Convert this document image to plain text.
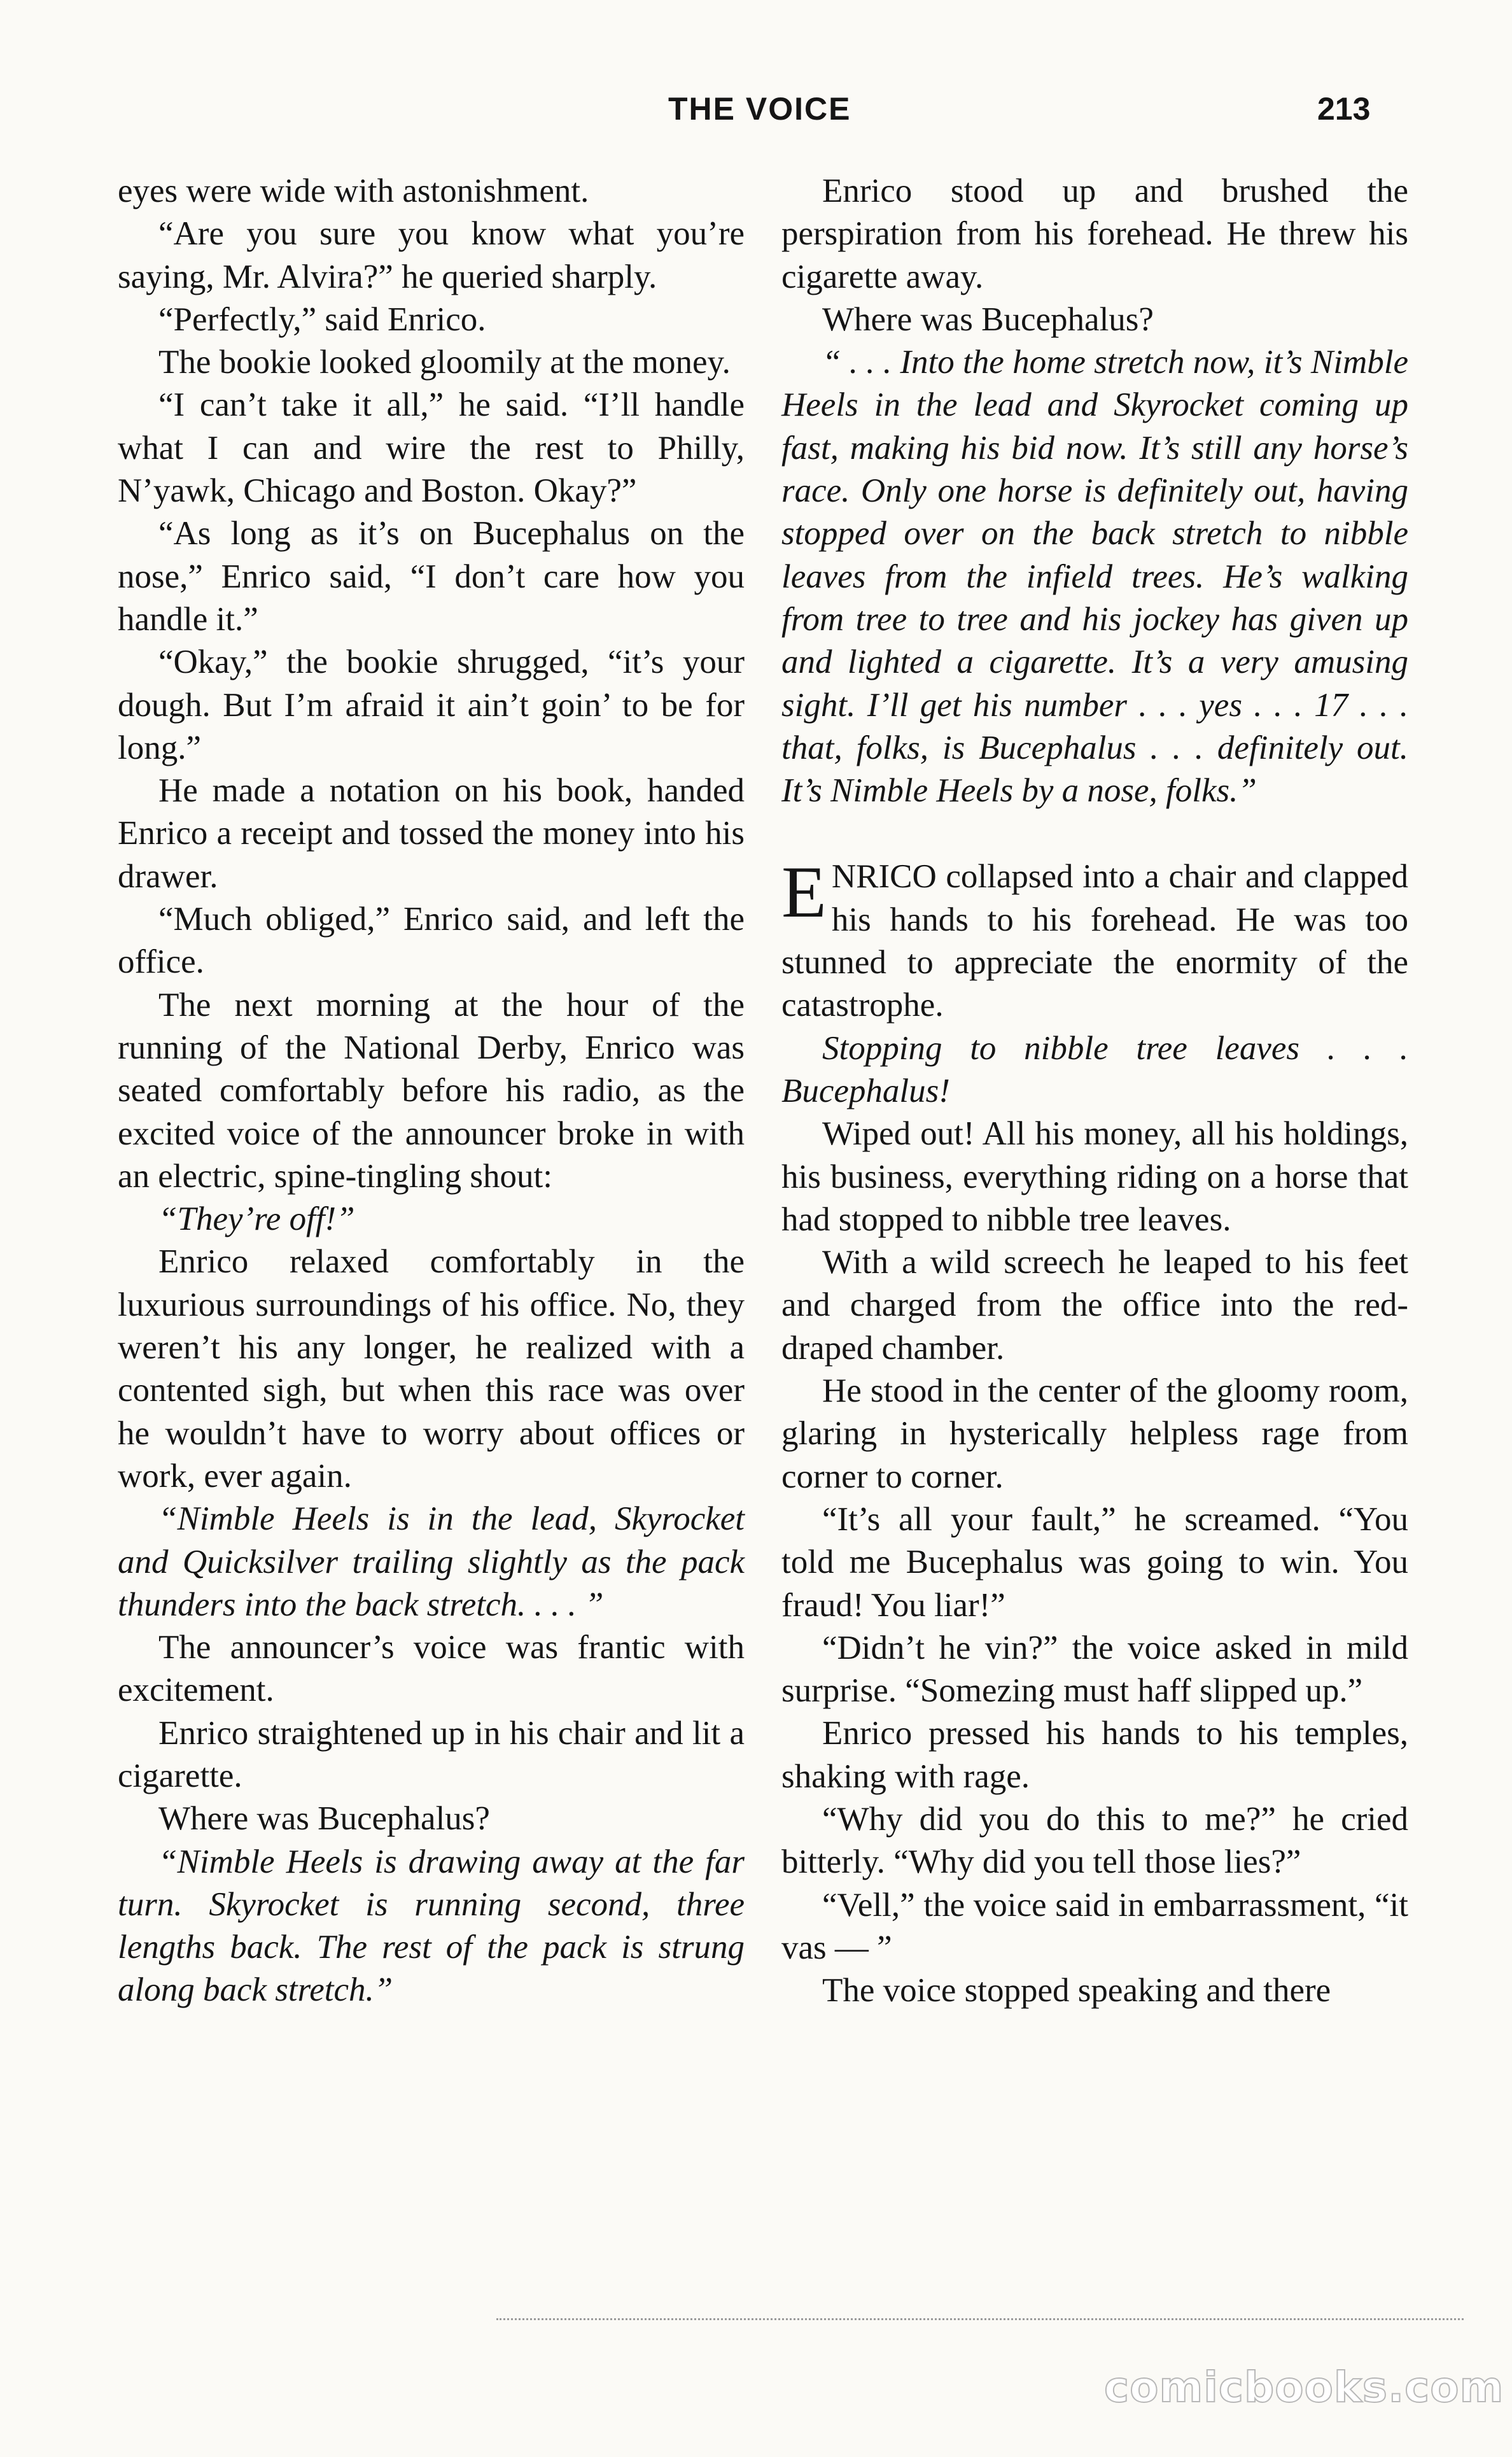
THE VOICE	213

eyes were wide with astonishment.

“Are you sure you know what you’re saying, Mr. Alvira?” he queried sharply.

“Perfectly,” said Enrico.

The bookie looked gloomily at the money.

“I can’t take it all,” he said. “I’ll handle what I can and wire the rest to Philly, N’yawk, Chicago and Boston. Okay?”

“As long as it’s on Bucephalus on the nose,” Enrico said, “I don’t care how you handle it.”

“Okay,” the bookie shrugged, “it’s your dough. But I’m afraid it ain’t goin’ to be for long.”

He made a notation on his book, handed Enrico a receipt and tossed the money into his drawer.

“Much obliged,” Enrico said, and left the office.

The next morning at the hour of the running of the National Derby, Enrico was seated comfortably before his radio, as the excited voice of the announcer broke in with an electric, spine-tingling shout:

“They’re off!”

Enrico relaxed comfortably in the luxurious surroundings of his office. No, they weren’t his any longer, he realized with a contented sigh, but when this race was over he wouldn’t have to worry about offices or work, ever again.

“Nimble Heels is in the lead, Skyrocket and Quicksilver trailing slightly as the pack thunders into the back stretch. . . . ”

The announcer’s voice was frantic with excitement.

Enrico straightened up in his chair and lit a cigarette.

Where was Bucephalus?

“Nimble Heels is drawing away at the far turn. Skyrocket is running second, three lengths back. The rest of the pack is strung along back stretch.”

Enrico stood up and brushed the perspiration from his forehead. He threw his cigarette away.

Where was Bucephalus?

“ . . . Into the home stretch now, it’s Nimble Heels in the lead and Skyrocket coming up fast, making his bid now. It’s still any horse’s race. Only one horse is definitely out, having stopped over on the back stretch to nibble leaves from the infield trees. He’s walking from tree to tree and his jockey has given up and lighted a cigarette. It’s a very amusing sight. I’ll get his number . . . yes . . . 17 . . . that, folks, is Bucephalus . . . definitely out. It’s Nimble Heels by a nose, folks.”

ENRICO collapsed into a chair and clapped his hands to his forehead. He was too stunned to appreciate the enormity of the catastrophe.

Stopping to nibble tree leaves . . . Bucephalus!

Wiped out! All his money, all his holdings, his business, everything riding on a horse that had stopped to nibble tree leaves.

With a wild screech he leaped to his feet and charged from the office into the red-draped chamber.

He stood in the center of the gloomy room, glaring in hysterically helpless rage from corner to corner.

“It’s all your fault,” he screamed. “You told me Bucephalus was going to win. You fraud! You liar!”

“Didn’t he vin?” the voice asked in mild surprise. “Somezing must haff slipped up.”

Enrico pressed his hands to his temples, shaking with rage.

“Why did you do this to me?” he cried bitterly. “Why did you tell those lies?”

“Vell,” the voice said in embarrassment, “it vas — ”

The voice stopped speaking and there

comicbooks.com
